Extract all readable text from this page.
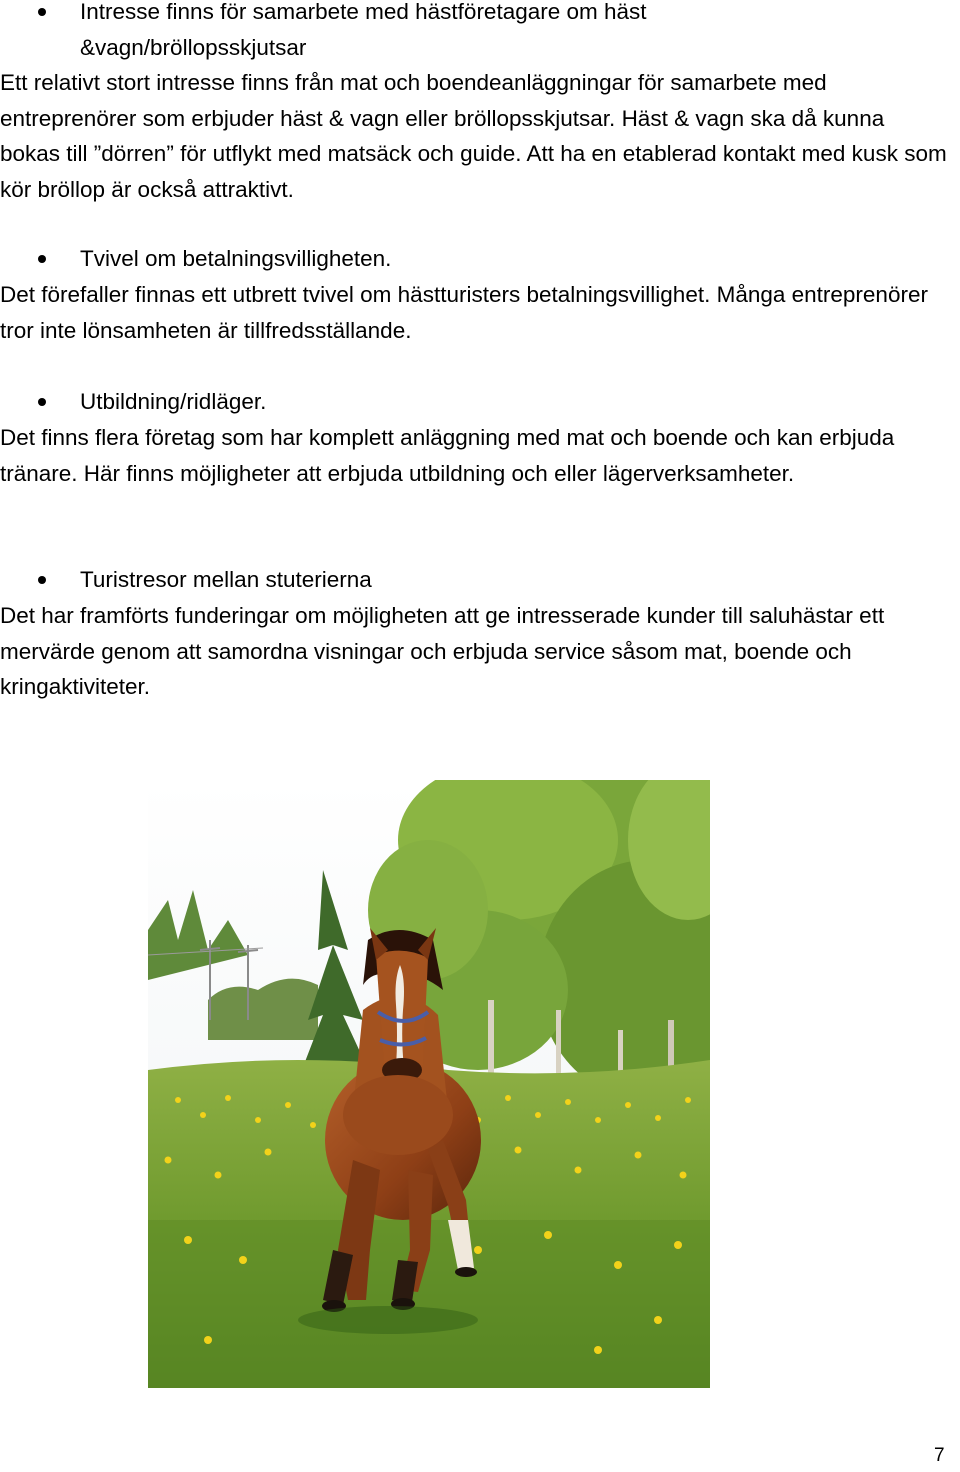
Intresse finns för samarbete med hästföretagare om häst
&vagn/bröllopsskjutsar

Ett relativt stort intresse finns från mat och boendeanläggningar för samarbete med entreprenörer som erbjuder häst & vagn eller bröllopsskjutsar. Häst & vagn ska då kunna bokas till ”dörren” för utflykt med matsäck och guide. Att ha en etablerad kontakt med kusk som kör bröllop är också attraktivt.

Tvivel om betalningsvilligheten.

Det förefaller finnas ett utbrett tvivel om hästturisters betalningsvillighet. Många entreprenörer tror inte lönsamheten är tillfredsställande.

Utbildning/ridläger.

Det finns flera företag som har komplett anläggning med mat och boende och kan erbjuda tränare. Här finns möjligheter att erbjuda utbildning och eller lägerverksamheter.

Turistresor mellan stuterierna

Det har framförts funderingar om möjligheten att ge intresserade kunder till saluhästar ett mervärde genom att samordna visningar och erbjuda service såsom mat, boende och kringaktiviteter.

7
